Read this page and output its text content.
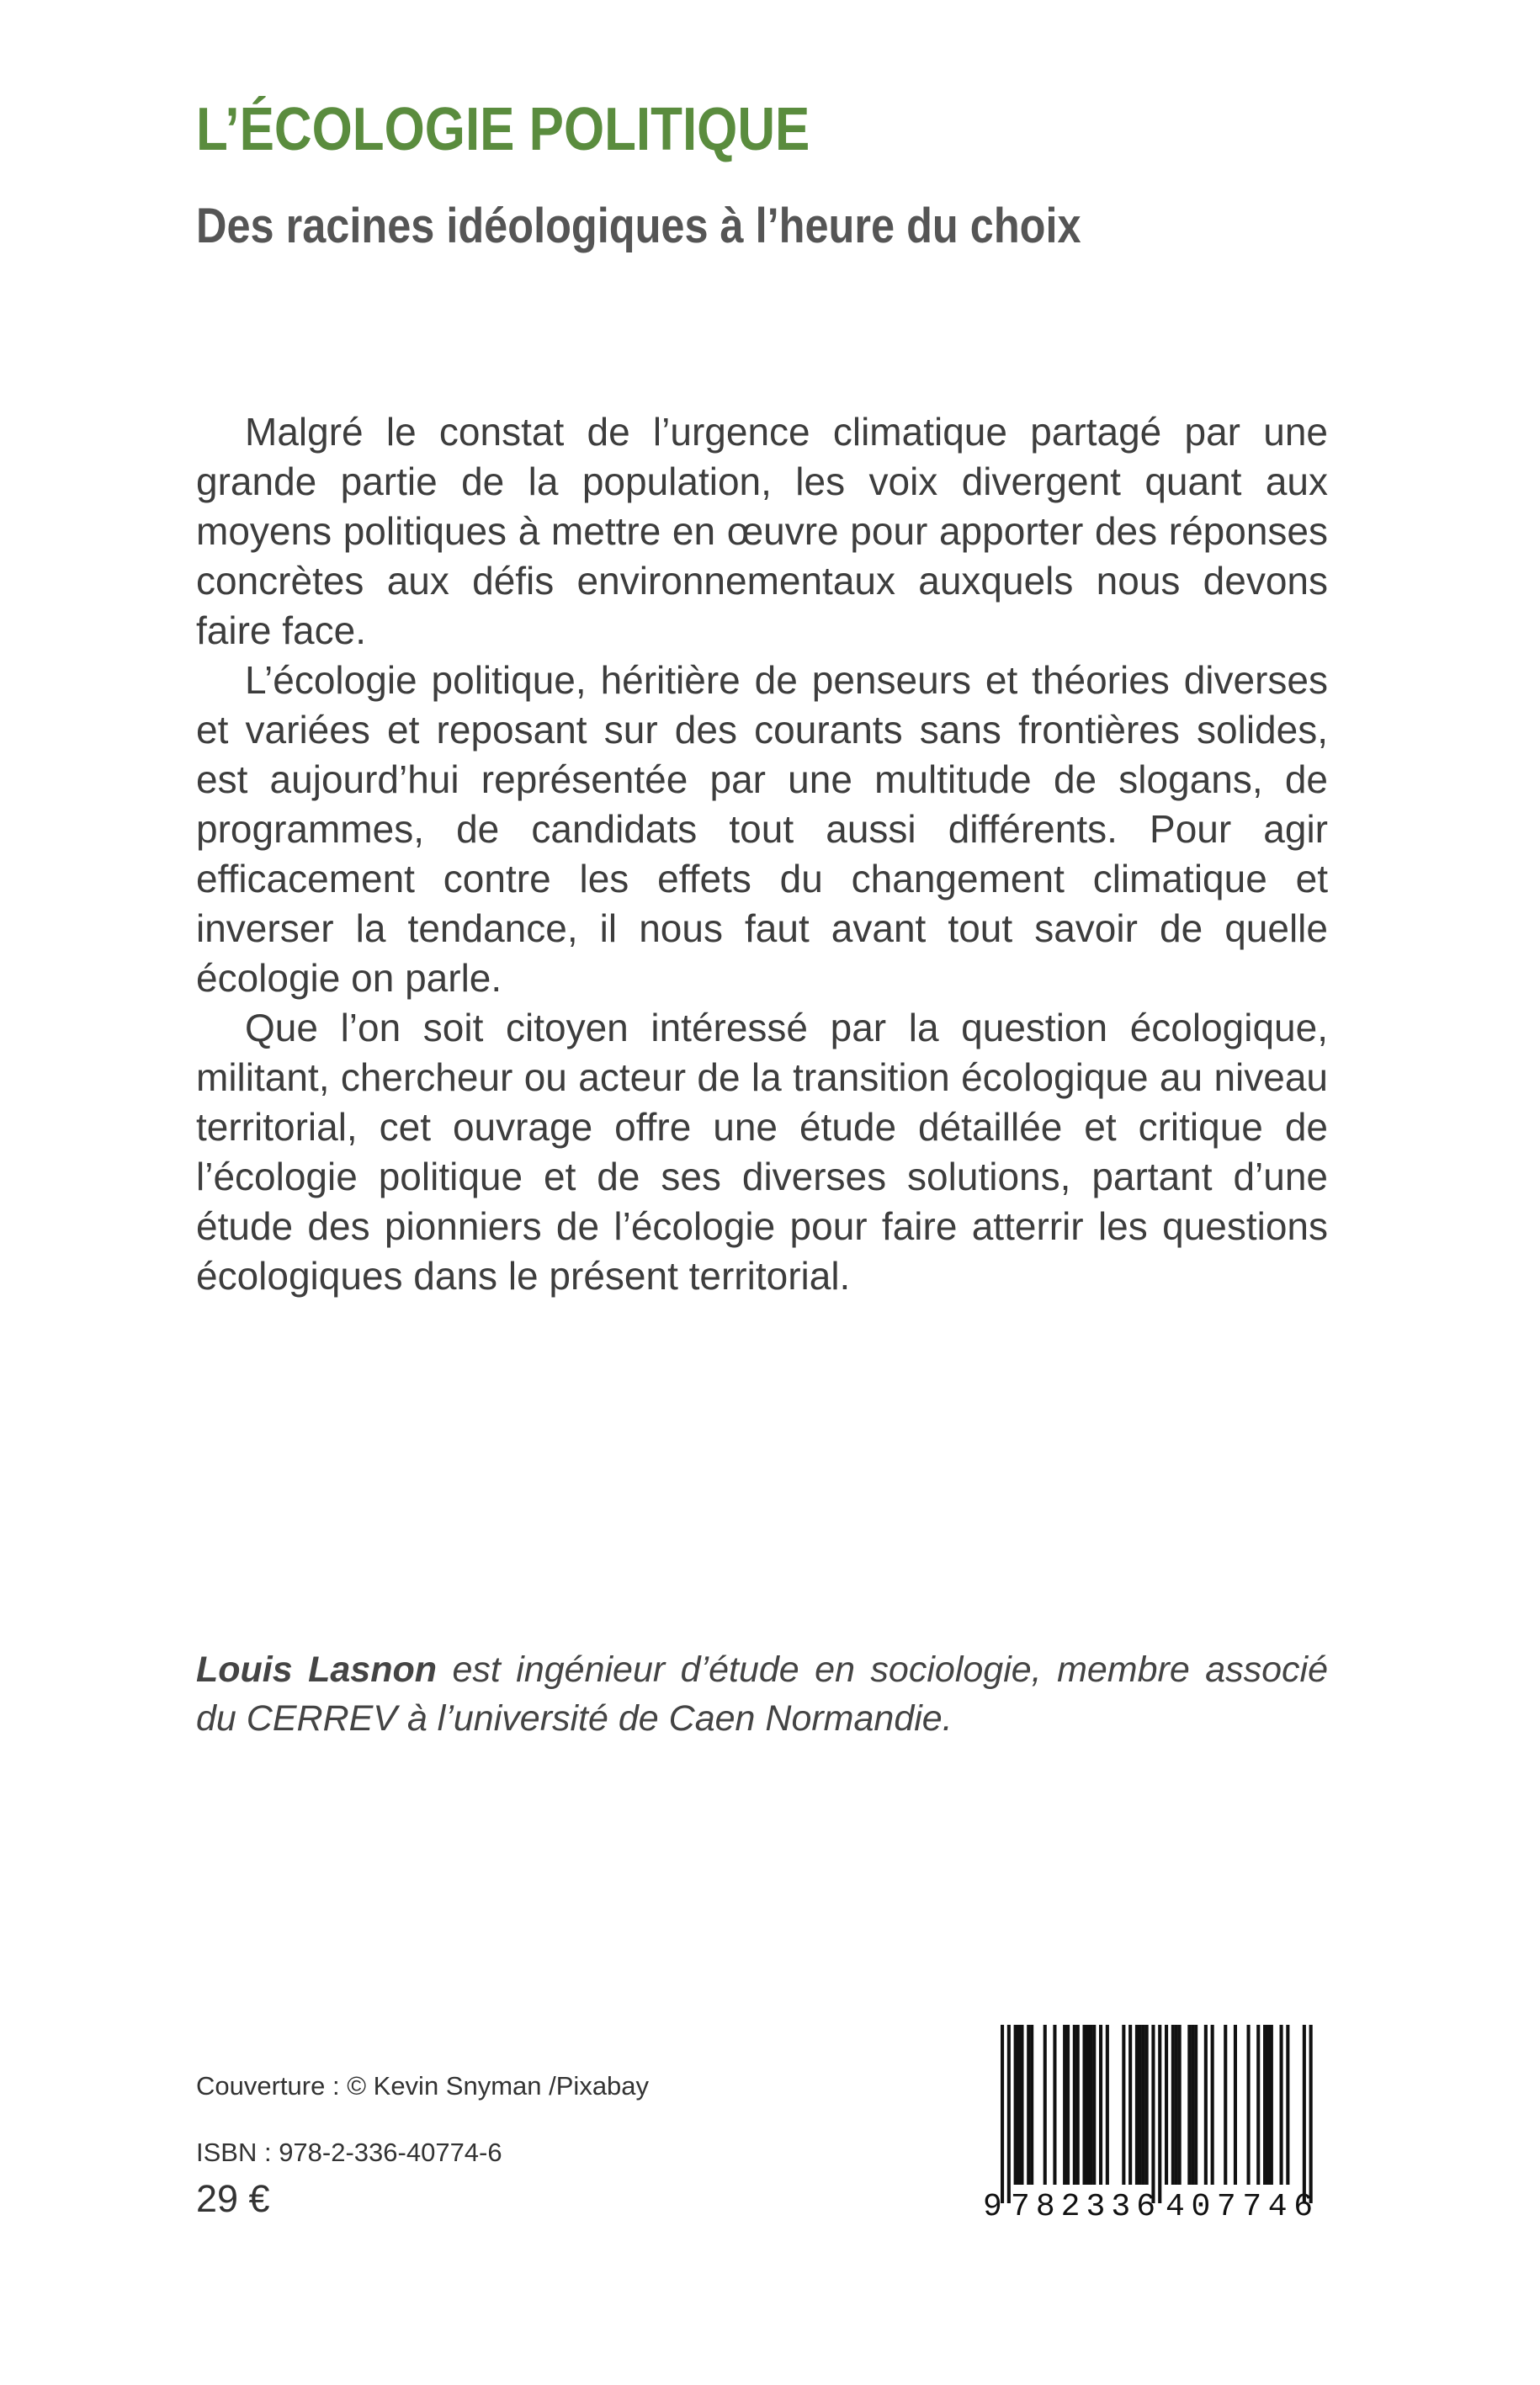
L’ÉCOLOGIE POLITIQUE
Des racines idéologiques à l’heure du choix

Malgré le constat de l’urgence climatique partagé par une grande partie de la population, les voix divergent quant aux moyens politiques à mettre en œuvre pour apporter des réponses concrètes aux défis environnementaux auxquels nous devons faire face.

L’écologie politique, héritière de penseurs et théories diverses et variées et reposant sur des courants sans frontières solides, est aujourd’hui représentée par une multitude de slogans, de programmes, de candidats tout aussi différents. Pour agir efficacement contre les effets du changement climatique et inverser la tendance, il nous faut avant tout savoir de quelle écologie on parle.

Que l’on soit citoyen intéressé par la question écologique, militant, chercheur ou acteur de la transition écologique au niveau territorial, cet ouvrage offre une étude détaillée et critique de l’écologie politique et de ses diverses solutions, partant d’une étude des pionniers de l’écologie pour faire atterrir les questions écologiques dans le présent territorial.

Louis Lasnon est ingénieur d’étude en sociologie, membre associé du CERREV à l’université de Caen Normandie.

Couverture : © Kevin Snyman /Pixabay
ISBN : 978-2-336-40774-6
29 €	9 782336 407746
